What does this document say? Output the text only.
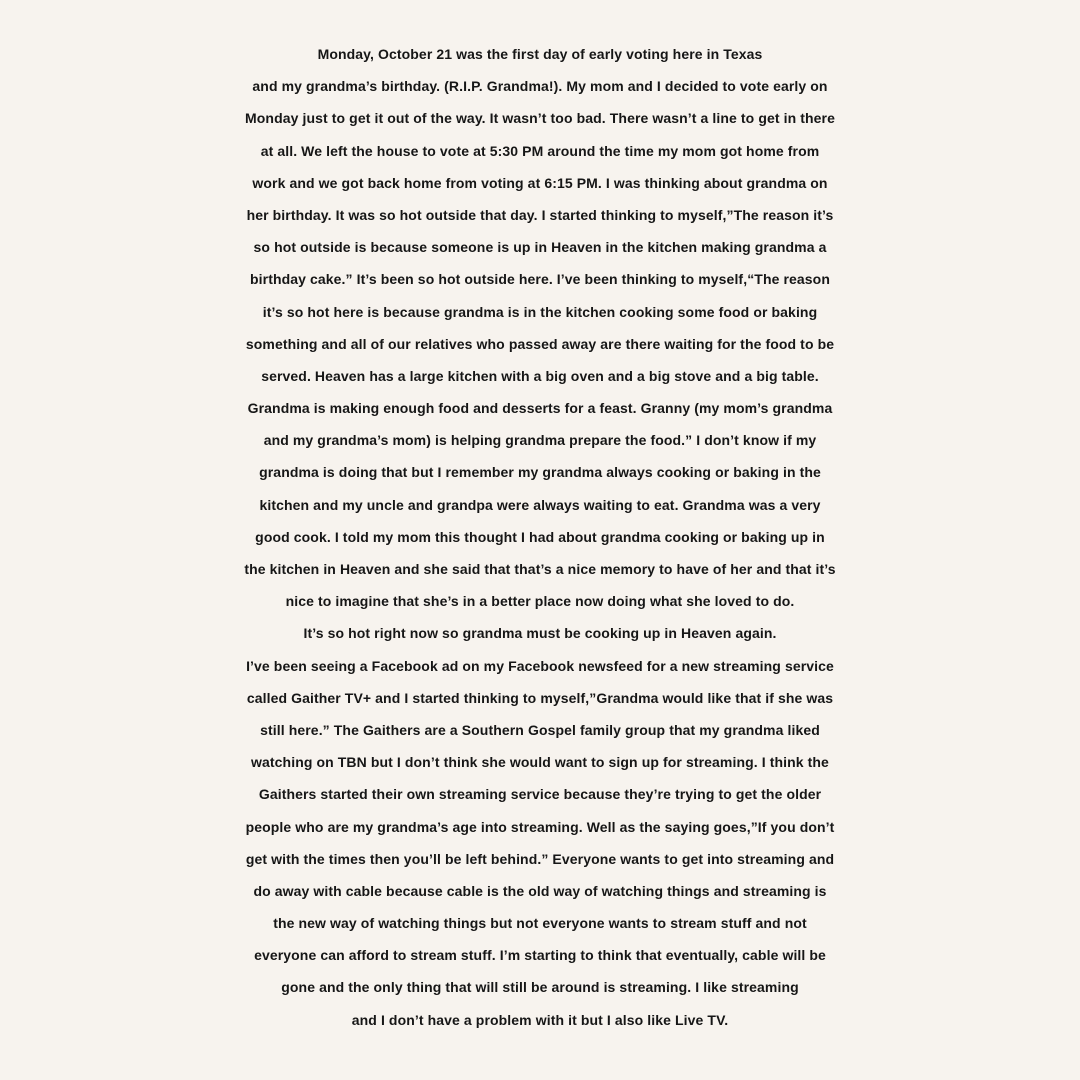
Monday, October 21 was the first day of early voting here in Texas
and my grandma’s birthday. (R.I.P. Grandma!). My mom and I decided to vote early on
Monday just to get it out of the way. It wasn’t too bad. There wasn’t a line to get in there
at all. We left the house to vote at 5:30 PM around the time my mom got home from
work and we got back home from voting at 6:15 PM. I was thinking about grandma on
her birthday. It was so hot outside that day. I started thinking to myself,”The reason it’s
so hot outside is because someone is up in Heaven in the kitchen making grandma a
birthday cake.” It’s been so hot outside here. I’ve been thinking to myself,“The reason
it’s so hot here is because grandma is in the kitchen cooking some food or baking
something and all of our relatives who passed away are there waiting for the food to be
served. Heaven has a large kitchen with a big oven and a big stove and a big table.
Grandma is making enough food and desserts for a feast. Granny (my mom’s grandma
and my grandma’s mom) is helping grandma prepare the food.” I don’t know if my
grandma is doing that but I remember my grandma always cooking or baking in the
kitchen and my uncle and grandpa were always waiting to eat. Grandma was a very
good cook. I told my mom this thought I had about grandma cooking or baking up in
the kitchen in Heaven and she said that that’s a nice memory to have of her and that it’s
nice to imagine that she’s in a better place now doing what she loved to do.
It’s so hot right now so grandma must be cooking up in Heaven again.
I’ve been seeing a Facebook ad on my Facebook newsfeed for a new streaming service
called Gaither TV+ and I started thinking to myself,”Grandma would like that if she was
still here.” The Gaithers are a Southern Gospel family group that my grandma liked
watching on TBN but I don’t think she would want to sign up for streaming. I think the
Gaithers started their own streaming service because they’re trying to get the older
people who are my grandma’s age into streaming. Well as the saying goes,”If you don’t
get with the times then you’ll be left behind.” Everyone wants to get into streaming and
do away with cable because cable is the old way of watching things and streaming is
the new way of watching things but not everyone wants to stream stuff and not
everyone can afford to stream stuff. I’m starting to think that eventually, cable will be
gone and the only thing that will still be around is streaming. I like streaming
and I don’t have a problem with it but I also like Live TV.
